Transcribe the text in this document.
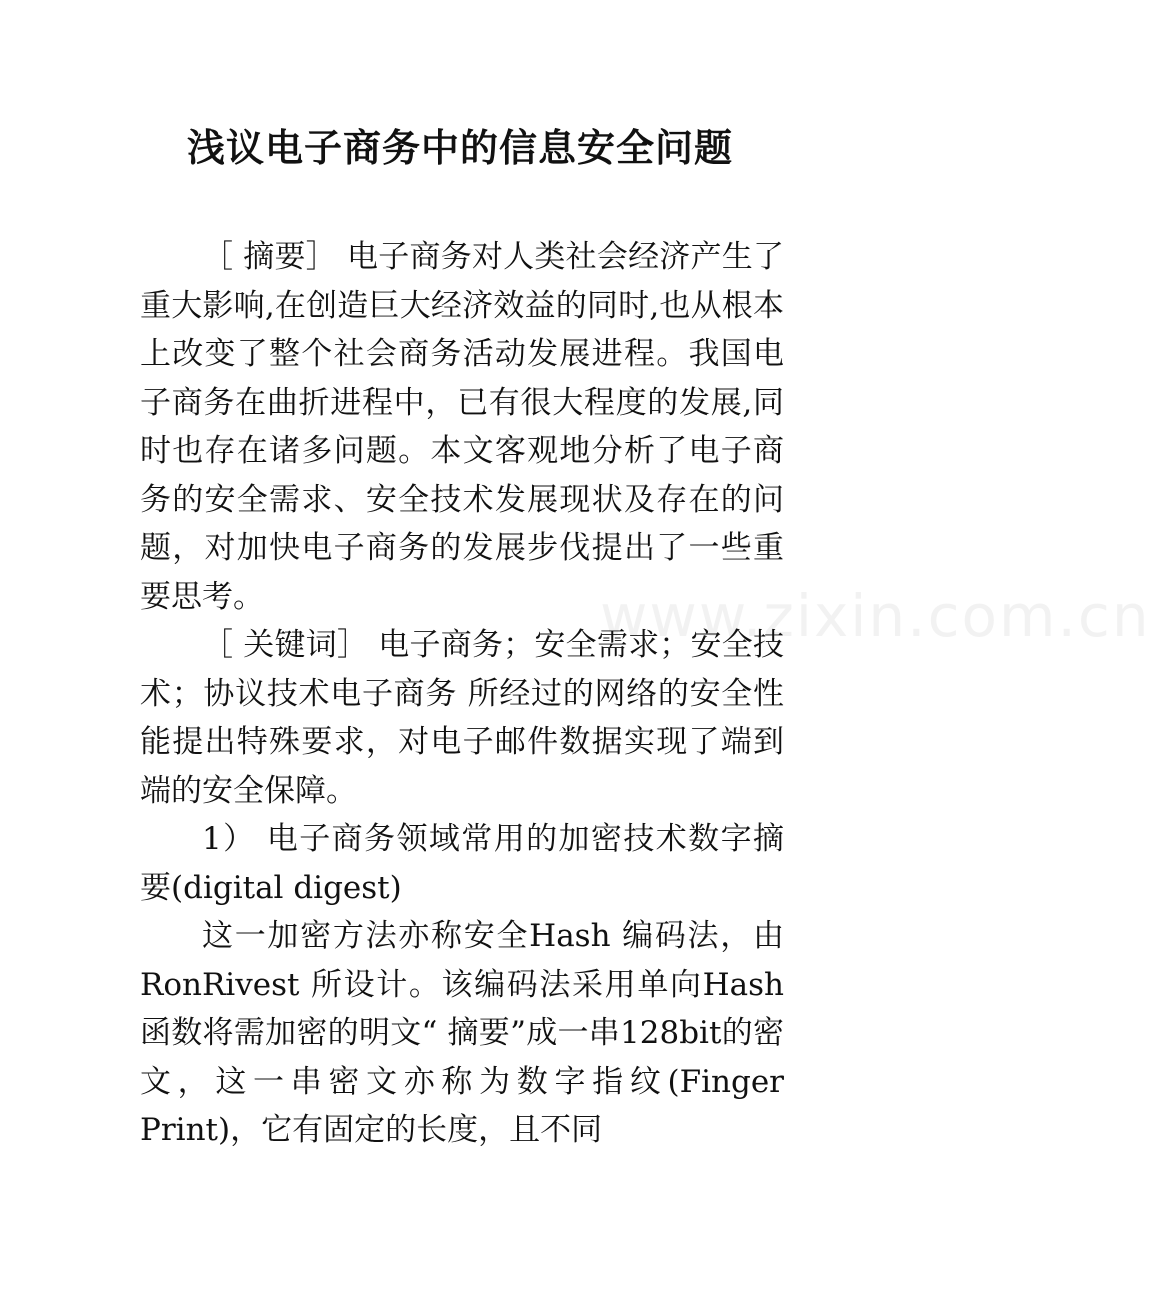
浅议电子商务中的信息安全问题
www.zixin.com.cn

［ 摘要］ 电子商务对人类社会经济产生了重大影响,在创造巨大经济效益的同时,也从根本上改变了整个社会商务活动发展进程。我国电子商务在曲折进程中，已有很大程度的发展,同时也存在诸多问题。本文客观地分析了电子商务的安全需求、安全技术发展现状及存在的问题，对加快电子商务的发展步伐提出了一些重要思考。

［ 关键词］ 电子商务；安全需求；安全技术；协议技术电子商务 所经过的网络的安全性能提出特殊要求，对电子邮件数据实现了端到端的安全保障。

1） 电子商务领域常用的加密技术数字摘要(digital digest)

这一加密方法亦称安全Hash 编码法，由RonRivest 所设计。该编码法采用单向Hash 函数将需加密的明文“ 摘要”成一串128bit的密文，这一串密文亦称为数字指纹(Finger Print)，它有固定的长度，且不同
